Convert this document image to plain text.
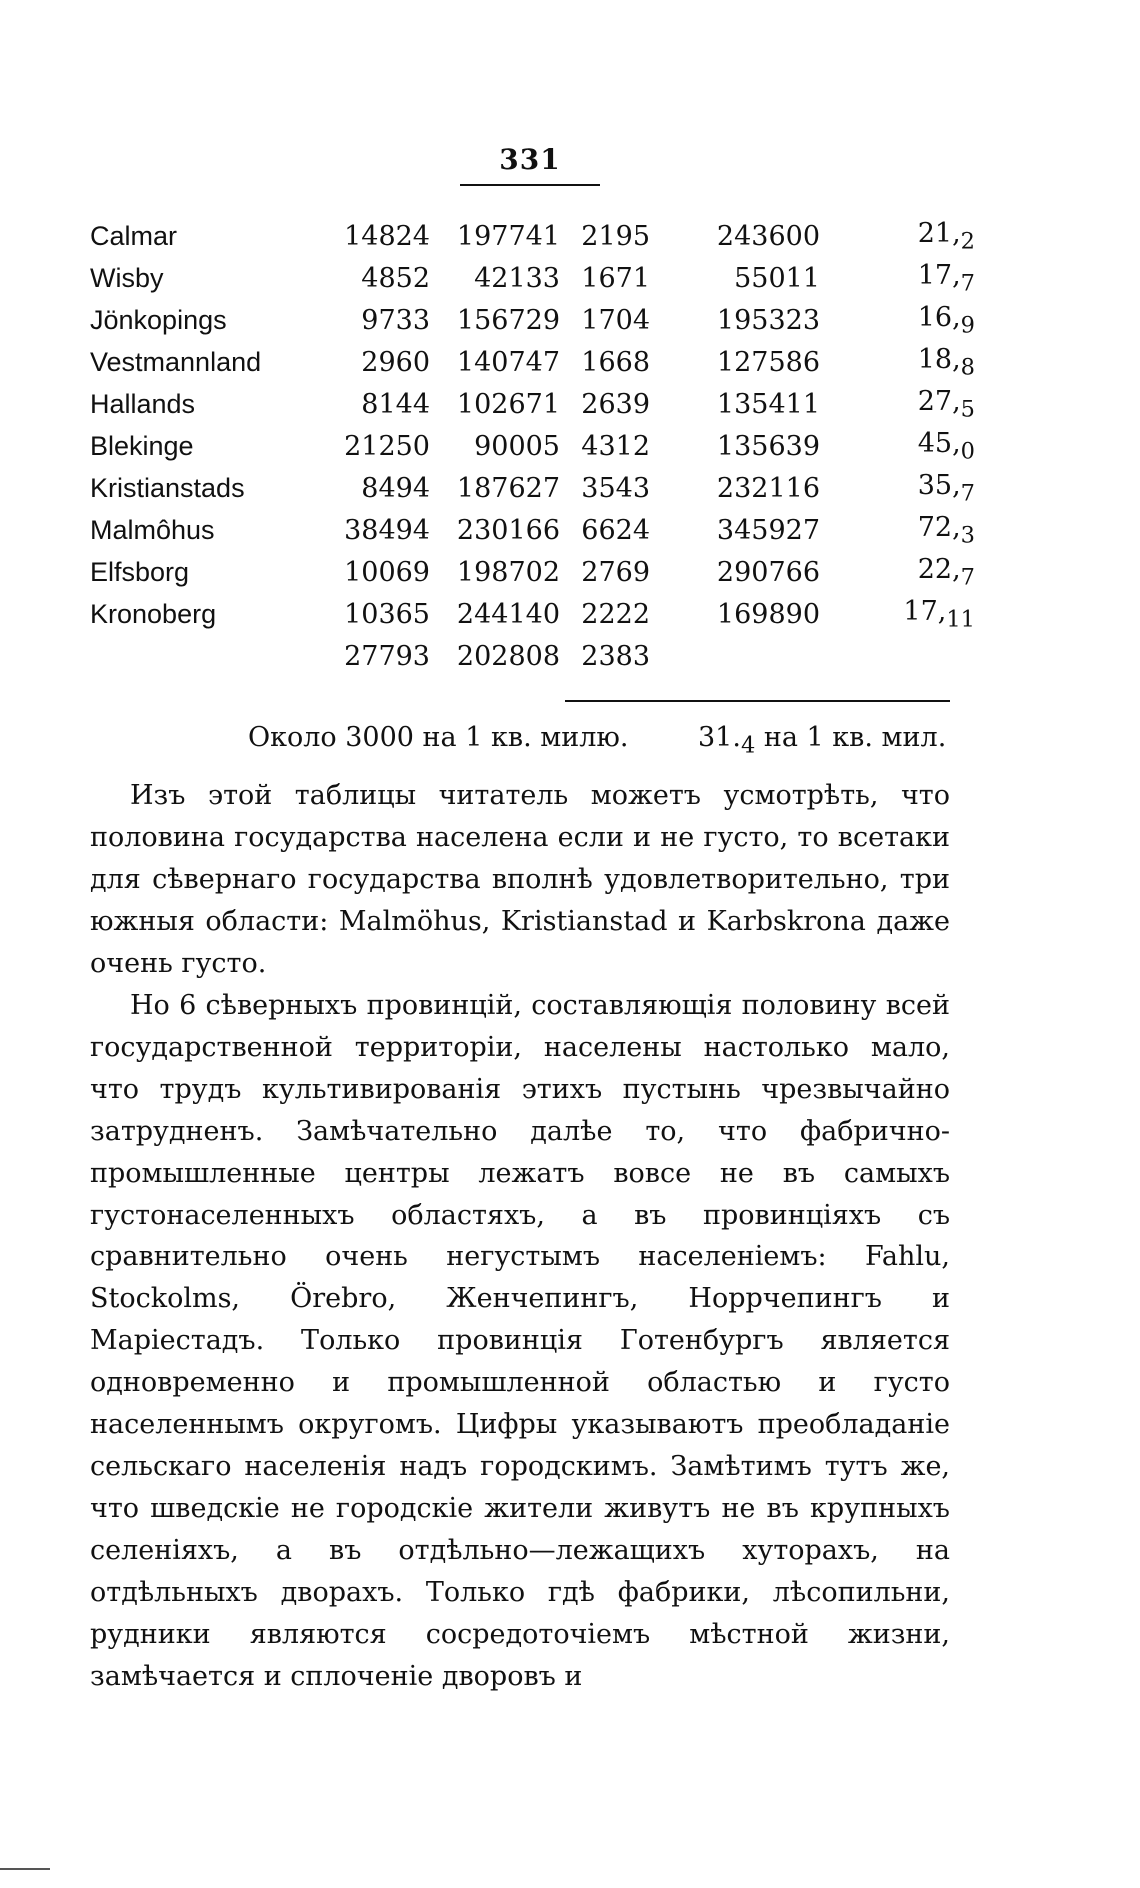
331
Calmar	14824	197741	2195	243600	$21,_2$
Wisby	4852	42133	1671	55011	$17,_7$
Jönkopings	9733	156729	1704	195323	$16,_9$
Vestmannland	2960	140747	1668	127586	$18,_8$
Hallands	8144	102671	2639	135411	$27,_5$
Blekinge	21250	90005	4312	135639	$45,_0$
Kristianstads	8494	187627	3543	232116	$35,_7$
Malmôhus	38494	230166	6624	345927	$72,_3$
Elfsborg	10069	198702	2769	290766	$22,_7$
Kronoberg	10365	244140	2222	169890	$17,_{11}$
	27793	202808	2383		
Около 3000 на 1 кв. милю.	$31._4$ на 1 кв. мил.

Изъ этой таблицы читатель можетъ усмотрѣть, что половина государства населена если и не густо, то всетаки для сѣвернаго государства вполнѣ удовлетворительно, три южныя области: Malmöhus, Kristianstad и Karbskrona даже очень густо.

Но 6 сѣверныхъ провинцій, составляющія половину всей государственной территоріи, населены настолько мало, что трудъ культивированія этихъ пустынь чрезвычайно затрудненъ. Замѣчательно далѣе то, что фабрично-промышленные центры лежатъ вовсе не въ самыхъ густонаселенныхъ областяхъ, а въ провинціяхъ съ сравнительно очень негустымъ населеніемъ: Fahlu, Stockolms, Örebro, Женчепингъ, Норрчепингъ и Маріестадъ. Только провинція Готенбургъ является одновременно и промышленной областью и густо населеннымъ округомъ. Цифры указываютъ преобладаніе сельскаго населенія надъ городскимъ. Замѣтимъ тутъ же, что шведскіе не городскіе жители живутъ не въ крупныхъ селеніяхъ, а въ отдѣльно—лежащихъ хуторахъ, на отдѣльныхъ дворахъ. Только гдѣ фабрики, лѣсопильни, рудники являются сосредоточіемъ мѣстной жизни, замѣчается и сплоченіе дворовъ и
